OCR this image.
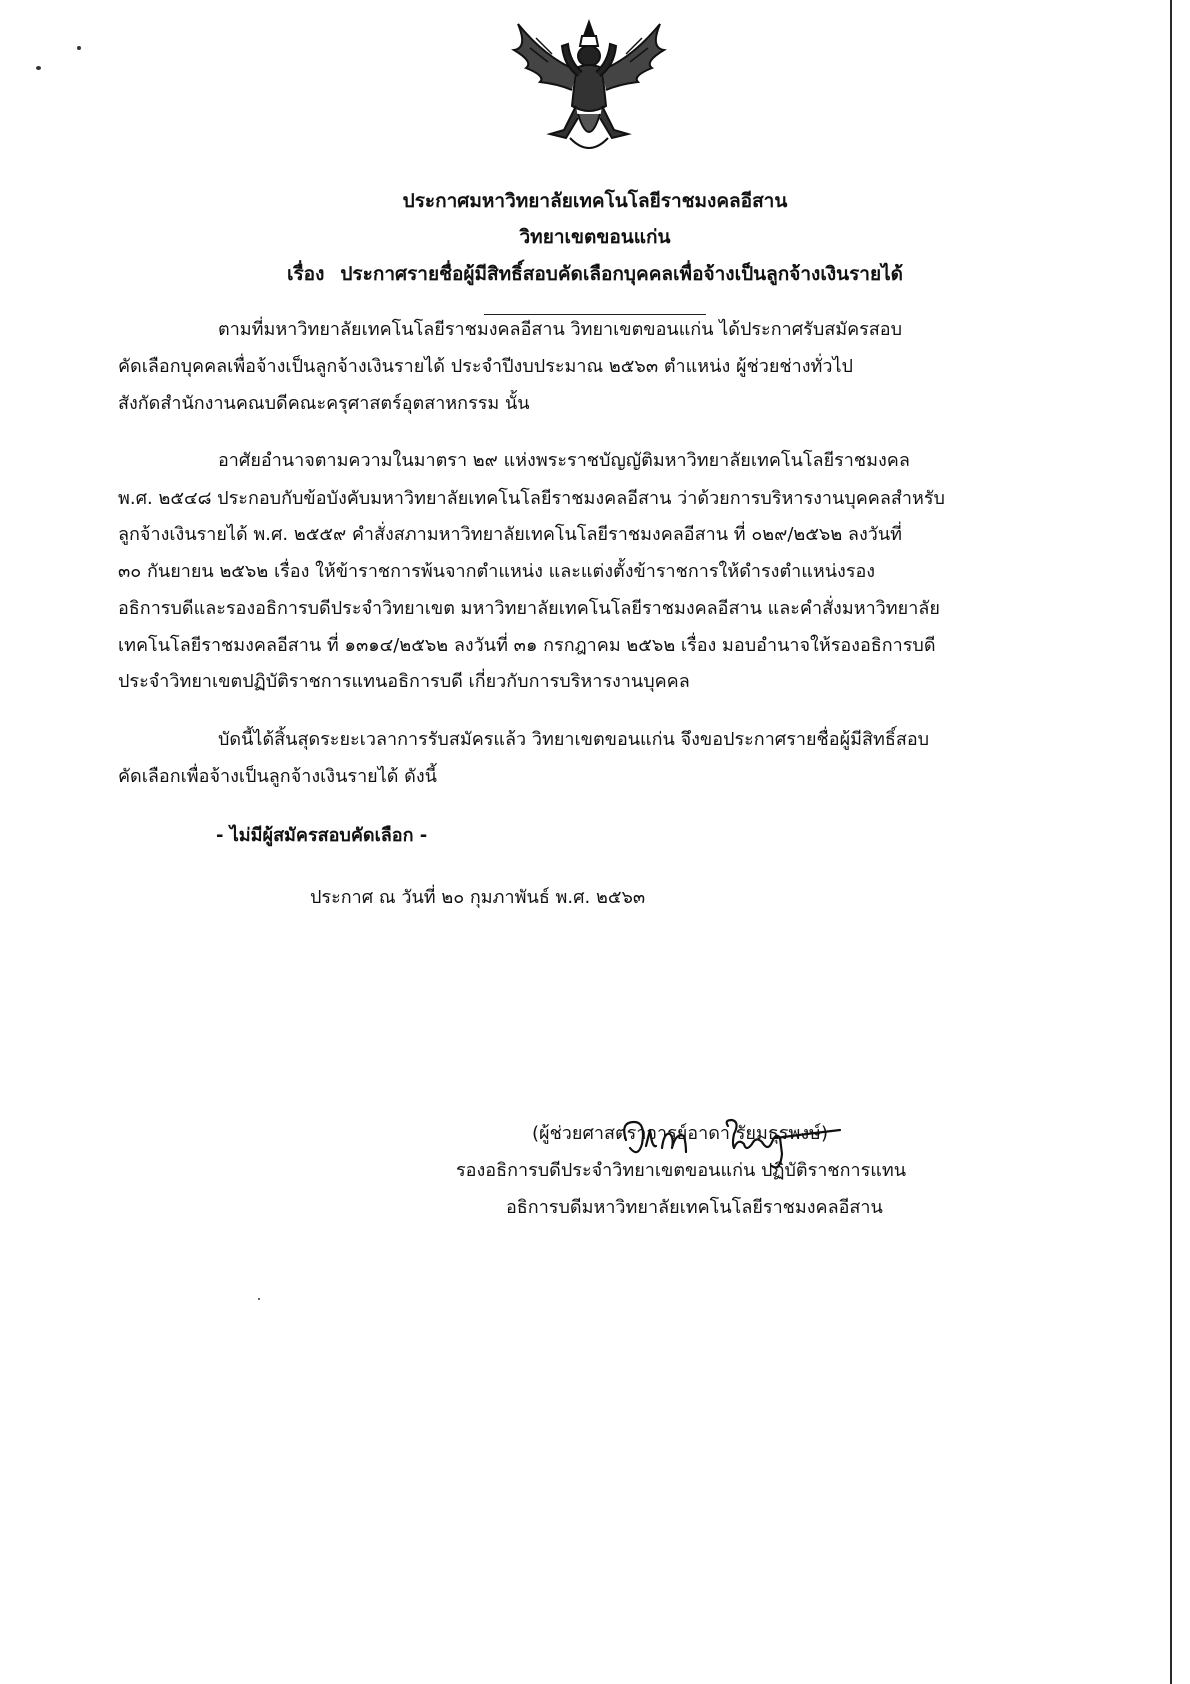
ประกาศมหาวิทยาลัยเทคโนโลยีราชมงคลอีสาน
วิทยาเขตขอนแก่น
เรื่อง ประกาศรายชื่อผู้มีสิทธิ์สอบคัดเลือกบุคคลเพื่อจ้างเป็นลูกจ้างเงินรายได้
ตามที่มหาวิทยาลัยเทคโนโลยีราชมงคลอีสาน วิทยาเขตขอนแก่น ได้ประกาศรับสมัครสอบ
คัดเลือกบุคคลเพื่อจ้างเป็นลูกจ้างเงินรายได้ ประจำปีงบประมาณ ๒๕๖๓ ตำแหน่ง ผู้ช่วยช่างทั่วไป
สังกัดสำนักงานคณบดีคณะครุศาสตร์อุตสาหกรรม นั้น
อาศัยอำนาจตามความในมาตรา ๒๙ แห่งพระราชบัญญัติมหาวิทยาลัยเทคโนโลยีราชมงคล
พ.ศ. ๒๕๔๘ ประกอบกับข้อบังคับมหาวิทยาลัยเทคโนโลยีราชมงคลอีสาน ว่าด้วยการบริหารงานบุคคลสำหรับ
ลูกจ้างเงินรายได้ พ.ศ. ๒๕๕๙ คำสั่งสภามหาวิทยาลัยเทคโนโลยีราชมงคลอีสาน ที่ ๐๒๙/๒๕๖๒ ลงวันที่
๓๐ กันยายน ๒๕๖๒ เรื่อง ให้ข้าราชการพ้นจากตำแหน่ง และแต่งตั้งข้าราชการให้ดำรงตำแหน่งรอง
อธิการบดีและรองอธิการบดีประจำวิทยาเขต มหาวิทยาลัยเทคโนโลยีราชมงคลอีสาน และคำสั่งมหาวิทยาลัย
เทคโนโลยีราชมงคลอีสาน ที่ ๑๓๑๔/๒๕๖๒ ลงวันที่ ๓๑ กรกฎาคม ๒๕๖๒ เรื่อง มอบอำนาจให้รองอธิการบดี
ประจำวิทยาเขตปฏิบัติราชการแทนอธิการบดี เกี่ยวกับการบริหารงานบุคคล
บัดนี้ได้สิ้นสุดระยะเวลาการรับสมัครแล้ว วิทยาเขตขอนแก่น จึงขอประกาศรายชื่อผู้มีสิทธิ์สอบ
คัดเลือกเพื่อจ้างเป็นลูกจ้างเงินรายได้ ดังนี้
- ไม่มีผู้สมัครสอบคัดเลือก -
ประกาศ ณ วันที่ ๒๐ กุมภาพันธ์ พ.ศ. ๒๕๖๓
(ผู้ช่วยศาสตราจารย์อาดา รัยมธุรพงษ์)
รองอธิการบดีประจำวิทยาเขตขอนแก่น ปฏิบัติราชการแทน
อธิการบดีมหาวิทยาลัยเทคโนโลยีราชมงคลอีสาน
